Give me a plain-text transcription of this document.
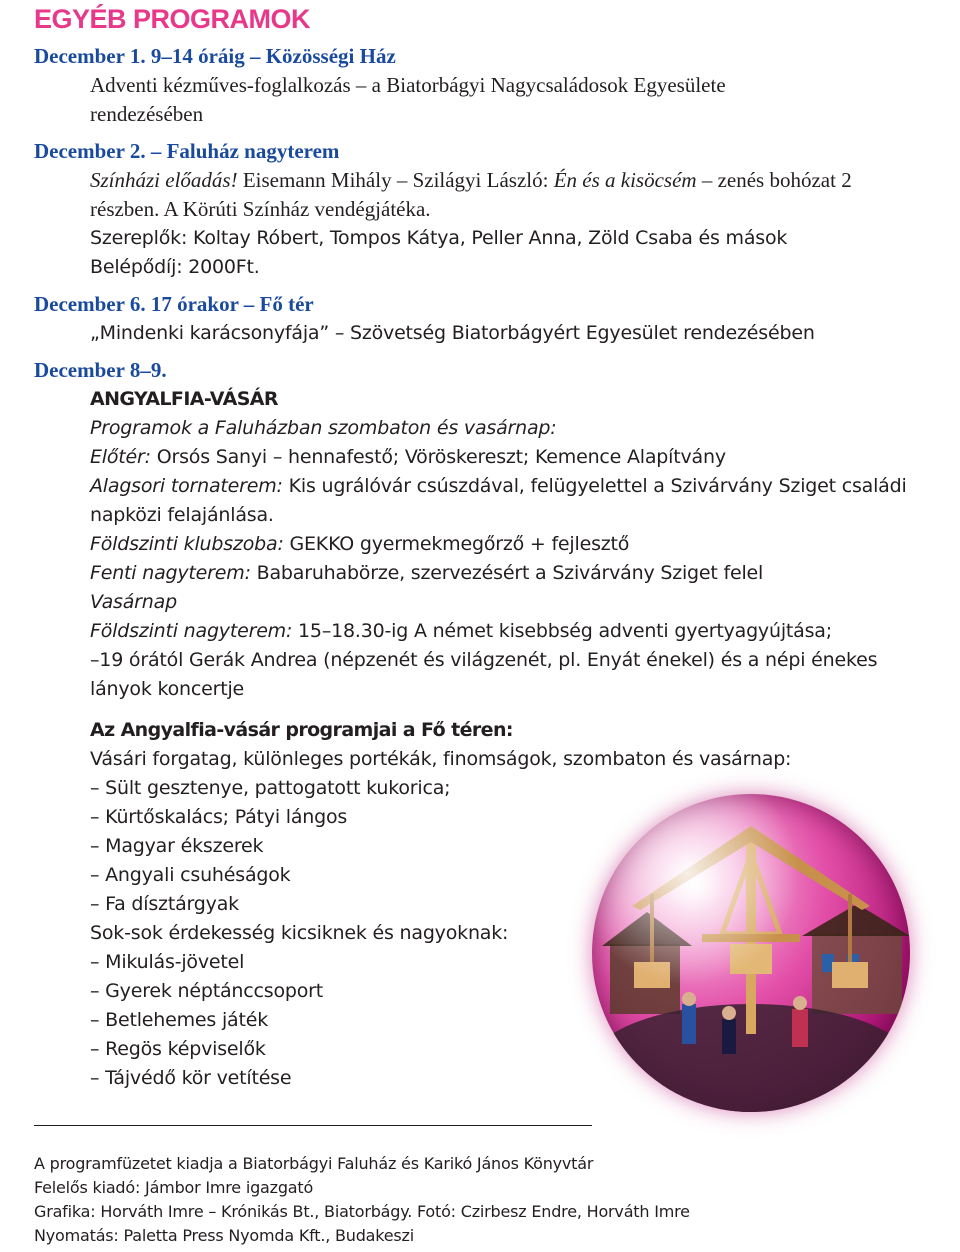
EGYÉB PROGRAMOK

December 1. 9–14 óráig – Közösségi Ház

Adventi kézműves-foglalkozás – a Biatorbágyi Nagycsaládosok Egyesülete

rendezésében

December 2. – Faluház nagyterem

Színházi előadás! Eisemann Mihály – Szilágyi László: Én és a kisöcsém – zenés bohózat 2

részben. A Körúti Színház vendégjátéka.

Szereplők: Koltay Róbert, Tompos Kátya, Peller Anna, Zöld Csaba és mások

Belépődíj: 2000Ft.

December 6. 17 órakor – Fő tér

„Mindenki karácsonyfája” – Szövetség Biatorbágyért Egyesület rendezésében

December 8–9.

ANGYALFIA-VÁSÁR

Programok a Faluházban szombaton és vasárnap:

Előtér: Orsós Sanyi – hennafestő; Vöröskereszt; Kemence Alapítvány

Alagsori tornaterem: Kis ugrálóvár csúszdával, felügyelettel a Szivárvány Sziget családi

napközi felajánlása.

Földszinti klubszoba: GEKKO gyermekmegőrző + fejlesztő

Fenti nagyterem: Babaruhabörze, szervezésért a Szivárvány Sziget felel

Vasárnap

Földszinti nagyterem: 15–18.30-ig A német kisebbség adventi gyertyagyújtása;

–19 órától Gerák Andrea (népzenét és világzenét, pl. Enyát énekel) és a népi énekes

lányok koncertje

Az Angyalfia-vásár programjai a Fő téren:

Vásári forgatag, különleges portékák, finomságok, szombaton és vasárnap:

– Sült gesztenye, pattogatott kukorica;

– Kürtőskalács; Pátyi lángos

– Magyar ékszerek

– Angyali csuhéságok

– Fa dísztárgyak

Sok-sok érdekesség kicsiknek és nagyoknak:

– Mikulás-jövetel

– Gyerek néptánccsoport

– Betlehemes játék

– Regös képviselők

– Tájvédő kör vetítése

A programfüzetet kiadja a Biatorbágyi Faluház és Karikó János Könyvtár

Felelős kiadó: Jámbor Imre igazgató

Grafika: Horváth Imre – Krónikás Bt., Biatorbágy. Fotó: Czirbesz Endre, Horváth Imre

Nyomatás: Paletta Press Nyomda Kft., Budakeszi
